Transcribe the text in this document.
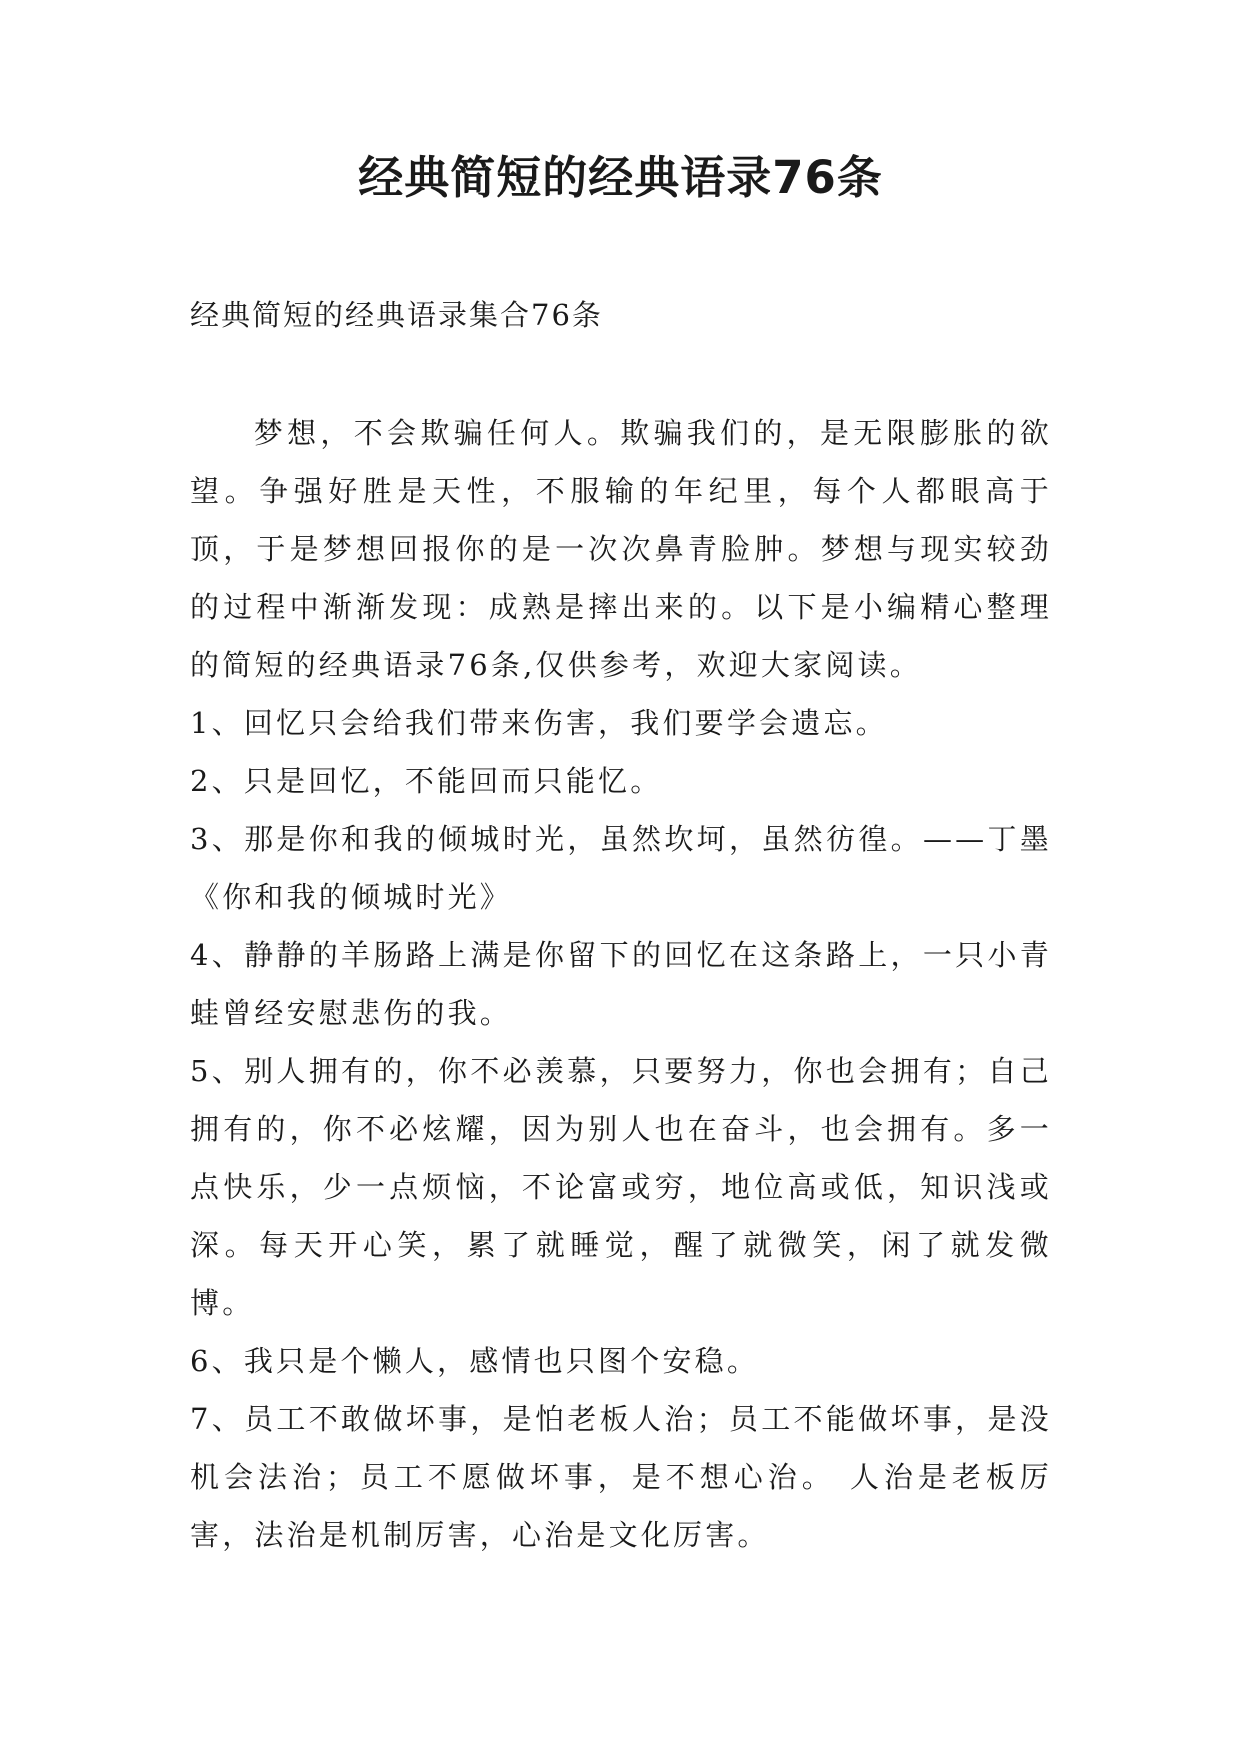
经典简短的经典语录76条
经典简短的经典语录集合76条

梦想，不会欺骗任何人。欺骗我们的，是无限膨胀的欲望。争强好胜是天性，不服输的年纪里，每个人都眼高于顶，于是梦想回报你的是一次次鼻青脸肿。梦想与现实较劲的过程中渐渐发现：成熟是摔出来的。以下是小编精心整理的简短的经典语录76条,仅供参考，欢迎大家阅读。

1、回忆只会给我们带来伤害，我们要学会遗忘。

2、只是回忆，不能回而只能忆。

3、那是你和我的倾城时光，虽然坎坷，虽然彷徨。——丁墨《你和我的倾城时光》

4、静静的羊肠路上满是你留下的回忆在这条路上，一只小青蛙曾经安慰悲伤的我。

5、别人拥有的，你不必羡慕，只要努力，你也会拥有；自己拥有的，你不必炫耀，因为别人也在奋斗，也会拥有。多一点快乐，少一点烦恼，不论富或穷，地位高或低，知识浅或深。每天开心笑，累了就睡觉，醒了就微笑，闲了就发微博。

6、我只是个懒人，感情也只图个安稳。

7、员工不敢做坏事，是怕老板人治；员工不能做坏事，是没机会法治；员工不愿做坏事，是不想心治。 人治是老板厉害，法治是机制厉害，心治是文化厉害。
